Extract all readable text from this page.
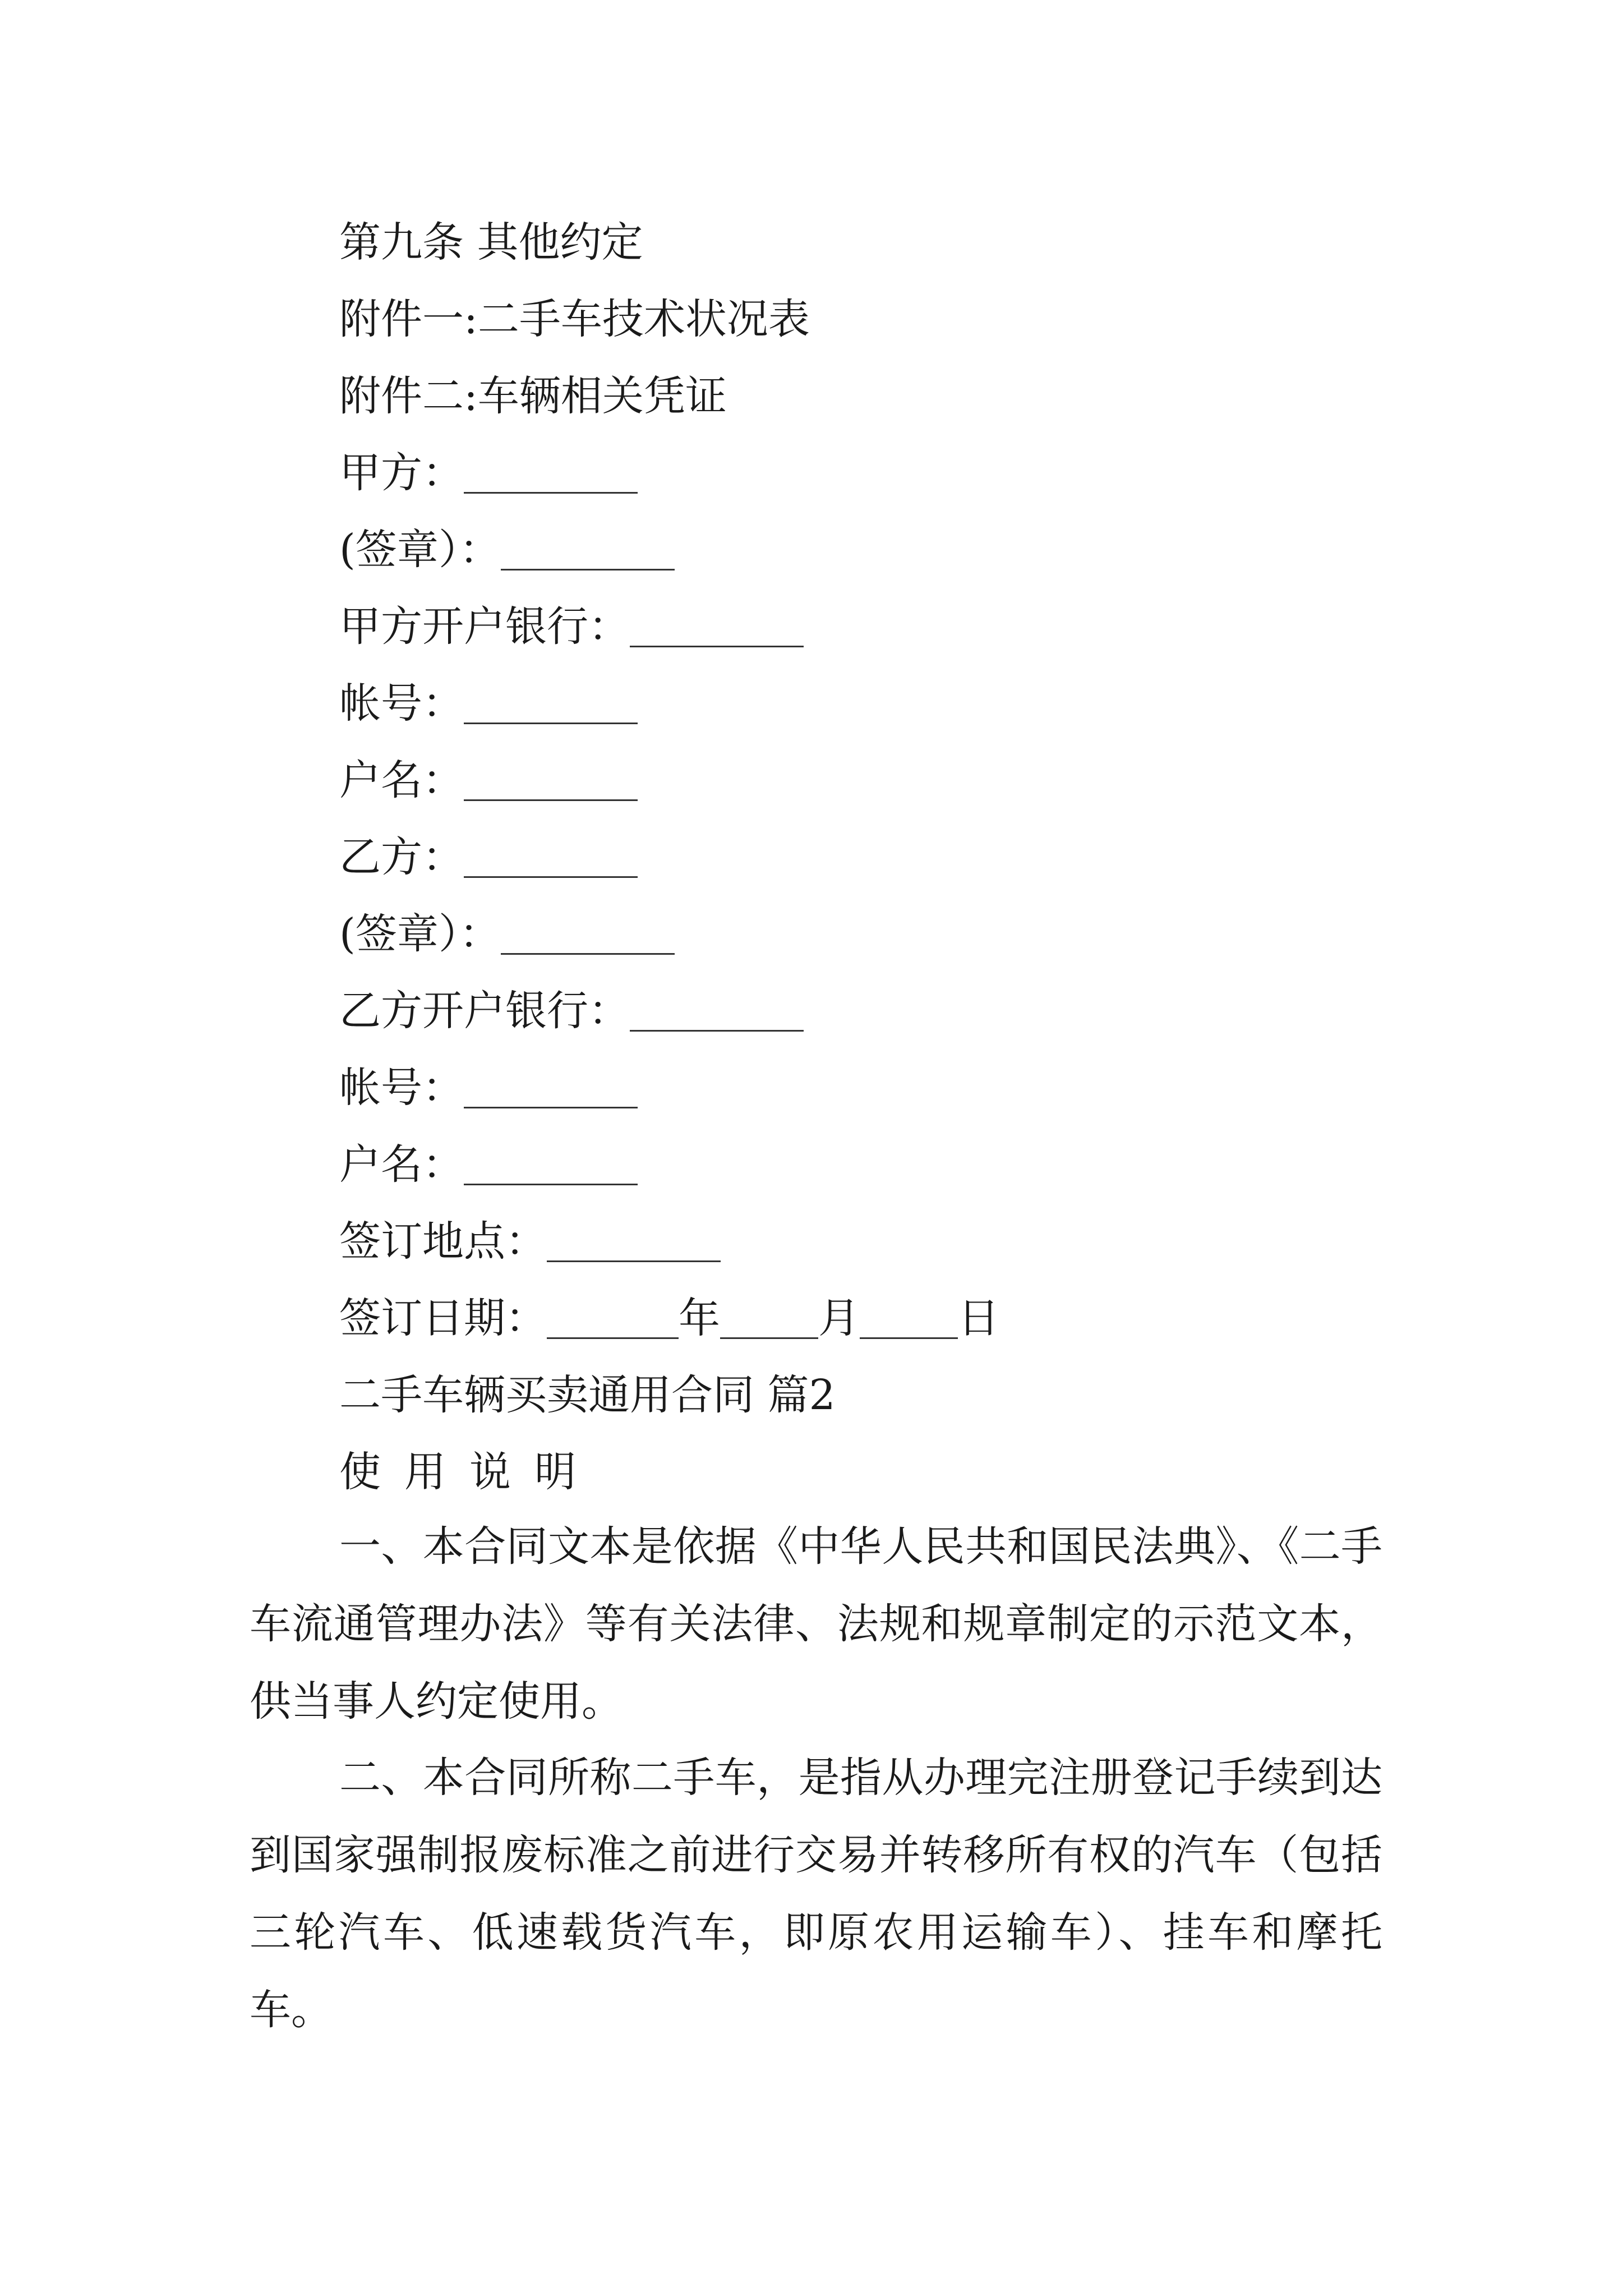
第九条 其他约定
附件一:二手车技术状况表
附件二:车辆相关凭证
甲方：
(签章）：
甲方开户银行：
帐号：
户名：
乙方：
(签章）：
乙方开户银行：
帐号：
户名：
签订地点：
签订日期：	年 月 日
二手车辆买卖通用合同 篇2
使用说明
一、本合同文本是依据《中华人民共和国民法典》、《二手车流通管理办法》等有关法律、法规和规章制定的示范文本，供当事人约定使用。
二、本合同所称二手车，是指从办理完注册登记手续到达到国家强制报废标准之前进行交易并转移所有权的汽车（包括三轮汽车、低速载货汽车，即原农用运输车）、挂车和摩托车。
